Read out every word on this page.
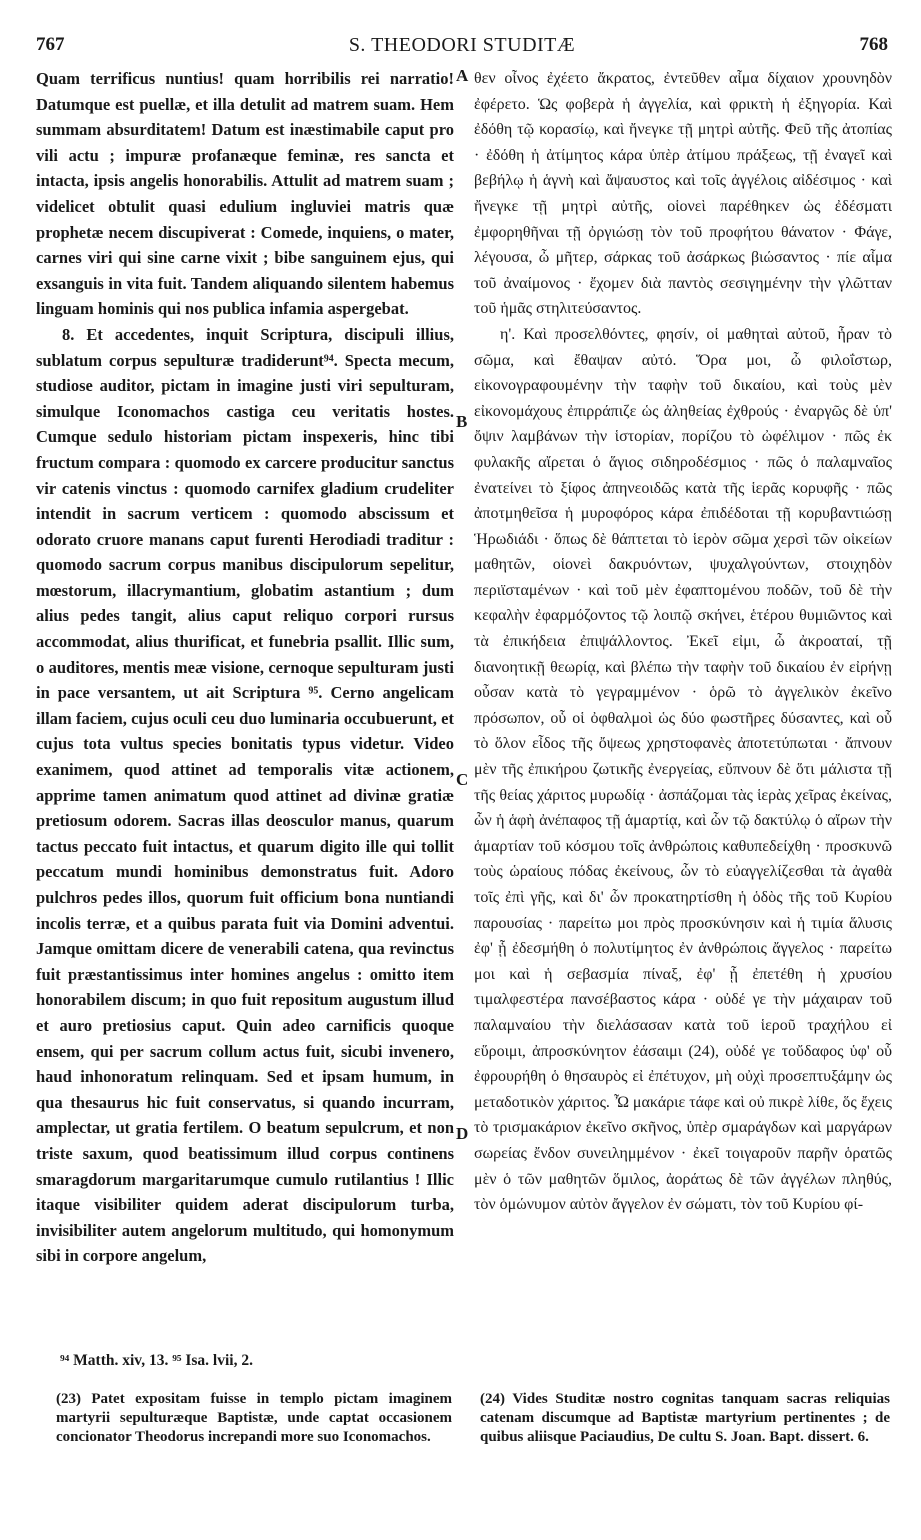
767	S. THEODORI STUDITÆ	768

Quam terrificus nuntius! quam horribilis rei narratio! Datumque est puellæ, et illa detulit ad matrem suam. Hem summam absurditatem! Datum est inæstimabile caput pro vili actu ; impuræ profanæque feminæ, res sancta et intacta, ipsis angelis honorabilis. Attulit ad matrem suam ; videlicet obtulit quasi edulium ingluviei matris quæ prophetæ necem discupiverat : Comede, inquiens, o mater, carnes viri qui sine carne vixit ; bibe sanguinem ejus, qui exsanguis in vita fuit. Tandem aliquando silentem habemus linguam hominis qui nos publica infamia aspergebat.

8. Et accedentes, inquit Scriptura, discipuli illius, sublatum corpus sepulturæ tradiderunt⁹⁴. Specta mecum, studiose auditor, pictam in imagine justi viri sepulturam, simulque Iconomachos castiga ceu veritatis hostes. Cumque sedulo historiam pictam inspexeris, hinc tibi fructum compara : quomodo ex carcere producitur sanctus vir catenis vinctus : quomodo carnifex gladium crudeliter intendit in sacrum verticem : quomodo abscissum et odorato cruore manans caput furenti Herodiadi traditur : quomodo sacrum corpus manibus discipulorum sepelitur, mœstorum, illacrymantium, globatim astantium ; dum alius pedes tangit, alius caput reliquo corpori rursus accommodat, alius thurificat, et funebria psallit. Illic sum, o auditores, mentis meæ visione, cernoque sepulturam justi in pace versantem, ut ait Scriptura ⁹⁵. Cerno angelicam illam faciem, cujus oculi ceu duo luminaria occubuerunt, et cujus tota vultus species bonitatis typus videtur. Video exanimem, quod attinet ad temporalis vitæ actionem, apprime tamen animatum quod attinet ad divinæ gratiæ pretiosum odorem. Sacras illas deosculor manus, quarum tactus peccato fuit intactus, et quarum digito ille qui tollit peccatum mundi hominibus demonstratus fuit. Adoro pulchros pedes illos, quorum fuit officium bona nuntiandi incolis terræ, et a quibus parata fuit via Domini adventui. Jamque omittam dicere de venerabili catena, qua revinctus fuit præstantissimus inter homines angelus : omitto item honorabilem discum; in quo fuit repositum augustum illud et auro pretiosius caput. Quin adeo carnificis quoque ensem, qui per sacrum collum actus fuit, sicubi invenero, haud inhonoratum relinquam. Sed et ipsam humum, in qua thesaurus hic fuit conservatus, si quando incurram, amplectar, ut gratia fertilem. O beatum sepulcrum, et non triste saxum, quod beatissimum illud corpus continens smaragdorum margaritarumque cumulo rutilantius ! Illic itaque visibiliter quidem aderat discipulorum turba, invisibiliter autem angelorum multitudo, qui homonymum sibi in corpore angelum,

A
B
C
D

θεν οἶνος ἐχέετο ἄκρατος, ἐντεῦθεν αἷμα δίχαιον χρουνηδὸν ἐφέρετο. Ὡς φοβερὰ ἡ ἀγγελία, καὶ φρικτὴ ἡ ἐξηγορία. Καὶ ἐδόθη τῷ κορασίῳ, καὶ ἤνεγκε τῇ μητρὶ αὐτῆς. Φεῦ τῆς ἀτοπίας · ἐδόθη ἡ ἀτίμητος κάρα ὑπὲρ ἀτίμου πράξεως, τῇ ἐναγεῖ καὶ βεβήλῳ ἡ ἁγνὴ καὶ ἄψαυστος καὶ τοῖς ἀγγέλοις αἰδέσιμος · καὶ ἤνεγκε τῇ μητρὶ αὐτῆς, οἱονεὶ παρέθηκεν ὡς ἐδέσματι ἐμφορηθῆναι τῇ ὀργιώσῃ τὸν τοῦ προφήτου θάνατον · Φάγε, λέγουσα, ὦ μῆτερ, σάρκας τοῦ ἀσάρκως βιώσαντος · πίε αἷμα τοῦ ἀναίμονος · ἔχομεν διὰ παντὸς σεσιγημένην τὴν γλῶτταν τοῦ ἡμᾶς στηλιτεύσαντος.

η'. Καὶ προσελθόντες, φησίν, οἱ μαθηταὶ αὐτοῦ, ἦραν τὸ σῶμα, καὶ ἔθαψαν αὐτό. Ὅρα μοι, ὦ φιλοΐστωρ, εἰκονογραφουμένην τὴν ταφὴν τοῦ δικαίου, καὶ τοὺς μὲν εἰκονομάχους ἐπιρράπιζε ὡς ἀληθείας ἐχθρούς · ἐναργῶς δὲ ὑπ' ὄψιν λαμβάνων τὴν ἱστορίαν, πορίζου τὸ ὠφέλιμον · πῶς ἐκ φυλακῆς αἴρεται ὁ ἅγιος σιδηροδέσμιος · πῶς ὁ παλαμναῖος ἐνατείνει τὸ ξίφος ἀπηνεοιδῶς κατὰ τῆς ἱερᾶς κορυφῆς · πῶς ἀποτμηθεῖσα ἡ μυροφόρος κάρα ἐπιδέδοται τῇ κορυβαντιώσῃ Ἡρωδιάδι · ὅπως δὲ θάπτεται τὸ ἱερὸν σῶμα χερσὶ τῶν οἰκείων μαθητῶν, οἱονεὶ δακρυόντων, ψυχαλγούντων, στοιχηδὸν περιϊσταμένων · καὶ τοῦ μὲν ἐφαπτομένου ποδῶν, τοῦ δὲ τὴν κεφαλὴν ἐφαρμόζοντος τῷ λοιπῷ σκήνει, ἑτέρου θυμιῶντος καὶ τὰ ἐπικήδεια ἐπιψάλλοντος. Ἐκεῖ εἰμι, ὦ ἀκροαταί, τῇ διανοητικῇ θεωρίᾳ, καὶ βλέπω τὴν ταφὴν τοῦ δικαίου ἐν εἰρήνῃ οὖσαν κατὰ τὸ γεγραμμένον · ὁρῶ τὸ ἀγγελικὸν ἐκεῖνο πρόσωπον, οὗ οἱ ὀφθαλμοὶ ὡς δύο φωστῆρες δύσαντες, καὶ οὗ τὸ ὅλον εἶδος τῆς ὄψεως χρηστοφανὲς ἀποτετύπωται · ἄπνουν μὲν τῆς ἐπικήρου ζωτικῆς ἐνεργείας, εὔπνουν δὲ ὅτι μάλιστα τῇ τῆς θείας χάριτος μυρωδίᾳ · ἀσπάζομαι τὰς ἱερὰς χεῖρας ἐκείνας, ὧν ἡ ἁφὴ ἀνέπαφος τῇ ἁμαρτίᾳ, καὶ ὧν τῷ δακτύλῳ ὁ αἴρων τὴν ἁμαρτίαν τοῦ κόσμου τοῖς ἀνθρώποις καθυπεδείχθη · προσκυνῶ τοὺς ὡραίους πόδας ἐκείνους, ὧν τὸ εὐαγγελίζεσθαι τὰ ἀγαθὰ τοῖς ἐπὶ γῆς, καὶ δι' ὧν προκατηρτίσθη ἡ ὁδὸς τῆς τοῦ Κυρίου παρουσίας · παρείτω μοι πρὸς προσκύνησιν καὶ ἡ τιμία ἅλυσις ἐφ' ᾗ ἐδεσμήθη ὁ πολυτίμητος ἐν ἀνθρώποις ἄγγελος · παρείτω μοι καὶ ἡ σεβασμία πίναξ, ἐφ' ᾗ ἐπετέθη ἡ χρυσίου τιμαλφεστέρα πανσέβαστος κάρα · οὐδέ γε τὴν μάχαιραν τοῦ παλαμναίου τὴν διελάσασαν κατὰ τοῦ ἱεροῦ τραχήλου εἰ εὕροιμι, ἀπροσκύνητον ἐάσαιμι (24), οὐδέ γε τοὔδαφος ὑφ' οὗ ἐφρουρήθη ὁ θησαυρὸς εἰ ἐπέτυχον, μὴ οὐχὶ προσεπτυξάμην ὡς μεταδοτικὸν χάριτος. Ὦ μακάριε τάφε καὶ οὐ πικρὲ λίθε, ὅς ἔχεις τὸ τρισμακάριον ἐκεῖνο σκῆνος, ὑπὲρ σμαράγδων καὶ μαργάρων σωρείας ἔνδον συνειλημμένον · ἐκεῖ τοιγαροῦν παρῆν ὁρατῶς μὲν ὁ τῶν μαθητῶν ὅμιλος, ἀοράτως δὲ τῶν ἀγγέλων πληθύς, τὸν ὁμώνυμον αὐτὸν ἄγγελον ἐν σώματι, τὸν τοῦ Κυρίου φί-

⁹⁴ Matth. xiv, 13. ⁹⁵ Isa. lvii, 2.
(23) Patet expositam fuisse in templo pictam imaginem martyrii sepulturæque Baptistæ, unde captat occasionem concionator Theodorus increpandi more suo Iconomachos.
(24) Vides Studitæ nostro cognitas tanquam sacras reliquias catenam discumque ad Baptistæ martyrium pertinentes ; de quibus aliisque Paciaudius, De cultu S. Joan. Bapt. dissert. 6.
